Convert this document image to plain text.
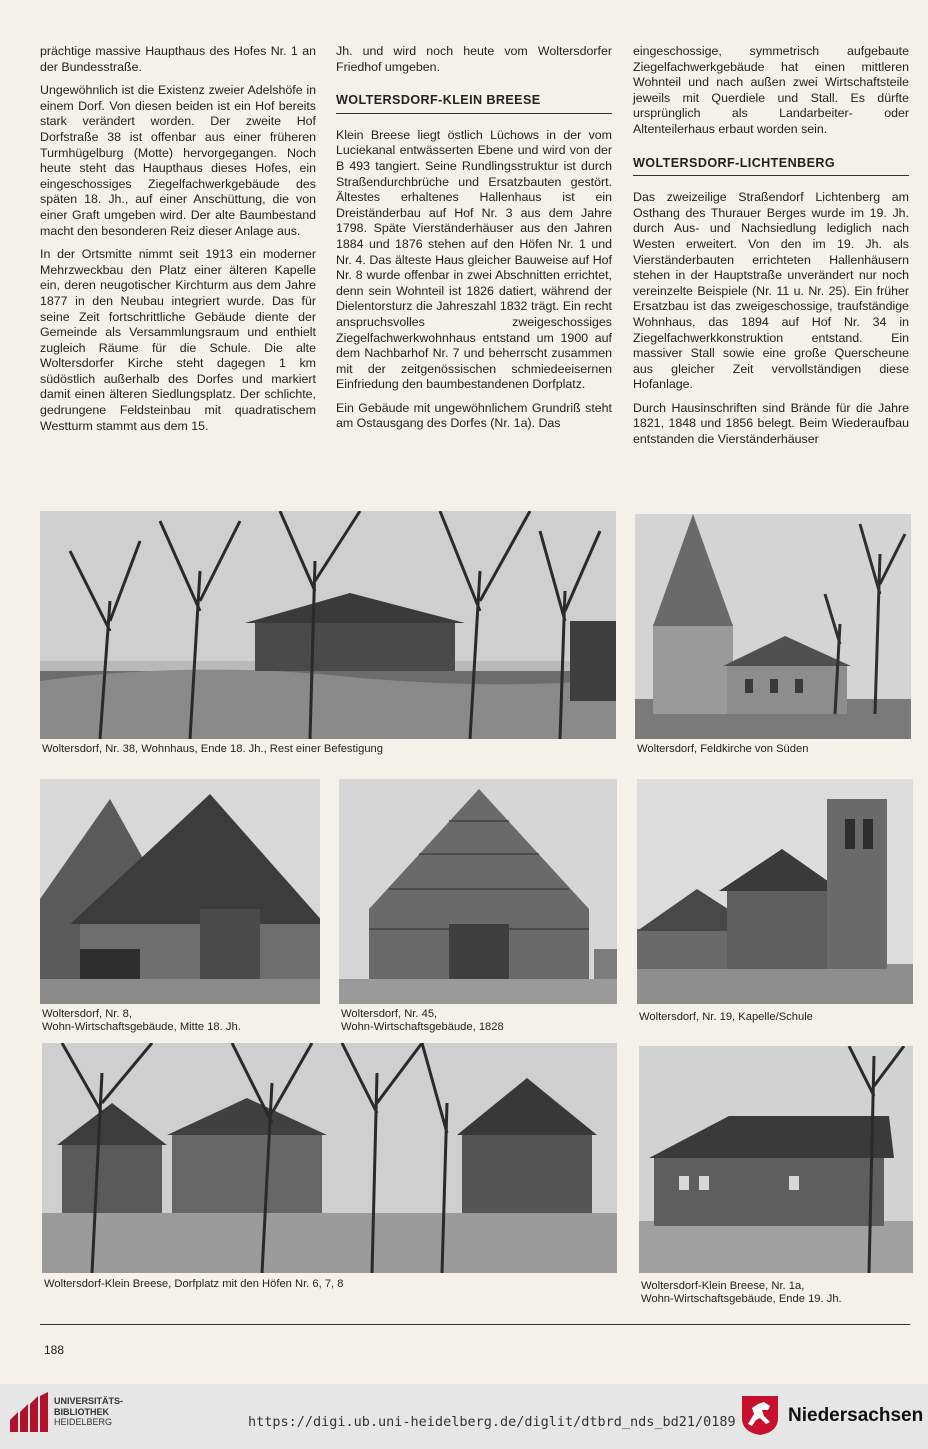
prächtige massive Haupthaus des Hofes Nr. 1 an der Bundesstraße.

Ungewöhnlich ist die Existenz zweier Adelshöfe in einem Dorf. Von diesen beiden ist ein Hof bereits stark verändert worden. Der zweite Hof Dorfstraße 38 ist offenbar aus einer früheren Turmhügelburg (Motte) hervorgegangen. Noch heute steht das Haupthaus dieses Hofes, ein eingeschossiges Ziegelfachwerkgebäude des späten 18. Jh., auf einer Anschüttung, die von einer Graft umgeben wird. Der alte Baumbestand macht den besonderen Reiz dieser Anlage aus.

In der Ortsmitte nimmt seit 1913 ein moderner Mehrzweckbau den Platz einer älteren Kapelle ein, deren neugotischer Kirchturm aus dem Jahre 1877 in den Neubau integriert wurde. Das für seine Zeit fortschrittliche Gebäude diente der Gemeinde als Versammlungsraum und enthielt zugleich Räume für die Schule. Die alte Woltersdorfer Kirche steht dagegen 1 km südöstlich außerhalb des Dorfes und markiert damit einen älteren Siedlungsplatz. Der schlichte, gedrungene Feldsteinbau mit quadratischem Westturm stammt aus dem 15.

Jh. und wird noch heute vom Woltersdorfer Friedhof umgeben.

WOLTERSDORF-KLEIN BREESE

Klein Breese liegt östlich Lüchows in der vom Luciekanal entwässerten Ebene und wird von der B 493 tangiert. Seine Rundlingsstruktur ist durch Straßendurchbrüche und Ersatzbauten gestört. Ältestes erhaltenes Hallenhaus ist ein Dreiständerbau auf Hof Nr. 3 aus dem Jahre 1798. Späte Vierständerhäuser aus den Jahren 1884 und 1876 stehen auf den Höfen Nr. 1 und Nr. 4. Das älteste Haus gleicher Bauweise auf Hof Nr. 8 wurde offenbar in zwei Abschnitten errichtet, denn sein Wohnteil ist 1826 datiert, während der Dielentorsturz die Jahreszahl 1832 trägt. Ein recht anspruchsvolles zweigeschossiges Ziegelfachwerkwohnhaus entstand um 1900 auf dem Nachbarhof Nr. 7 und beherrscht zusammen mit der zeitgenössischen schmiedeeisernen Einfriedung den baumbestandenen Dorfplatz.

Ein Gebäude mit ungewöhnlichem Grundriß steht am Ostausgang des Dorfes (Nr. 1a). Das

eingeschossige, symmetrisch aufgebaute Ziegelfachwerkgebäude hat einen mittleren Wohnteil und nach außen zwei Wirtschaftsteile jeweils mit Querdiele und Stall. Es dürfte ursprünglich als Landarbeiter- oder Altenteilerhaus erbaut worden sein.

WOLTERSDORF-LICHTENBERG

Das zweizeilige Straßendorf Lichtenberg am Osthang des Thurauer Berges wurde im 19. Jh. durch Aus- und Nachsiedlung lediglich nach Westen erweitert. Von den im 19. Jh. als Vierständerbauten errichteten Hallenhäusern stehen in der Hauptstraße unverändert nur noch vereinzelte Beispiele (Nr. 11 u. Nr. 25). Ein früher Ersatzbau ist das zweigeschossige, traufständige Wohnhaus, das 1894 auf Hof Nr. 34 in Ziegelfachwerkkonstruktion entstand. Ein massiver Stall sowie eine große Querscheune aus gleicher Zeit vervollständigen diese Hofanlage.

Durch Hausinschriften sind Brände für die Jahre 1821, 1848 und 1856 belegt. Beim Wiederaufbau entstanden die Vierständerhäuser

Woltersdorf, Nr. 38, Wohnhaus, Ende 18. Jh., Rest einer Befestigung	Woltersdorf, Feldkirche von Süden
Woltersdorf, Nr. 8,
Wohn-Wirtschaftsgebäude, Mitte 18. Jh.
Woltersdorf, Nr. 45,
Wohn-Wirtschaftsgebäude, 1828
Woltersdorf, Nr. 19, Kapelle/Schule
Woltersdorf-Klein Breese, Dorfplatz mit den Höfen Nr. 6, 7, 8	Woltersdorf-Klein Breese, Nr. 1a,
Wohn-Wirtschaftsgebäude, Ende 19. Jh.
188
UNIVERSITÄTS-
BIBLIOTHEK
HEIDELBERG	https://digi.ub.uni-heidelberg.de/diglit/dtbrd_nds_bd21/0189	Niedersachsen
